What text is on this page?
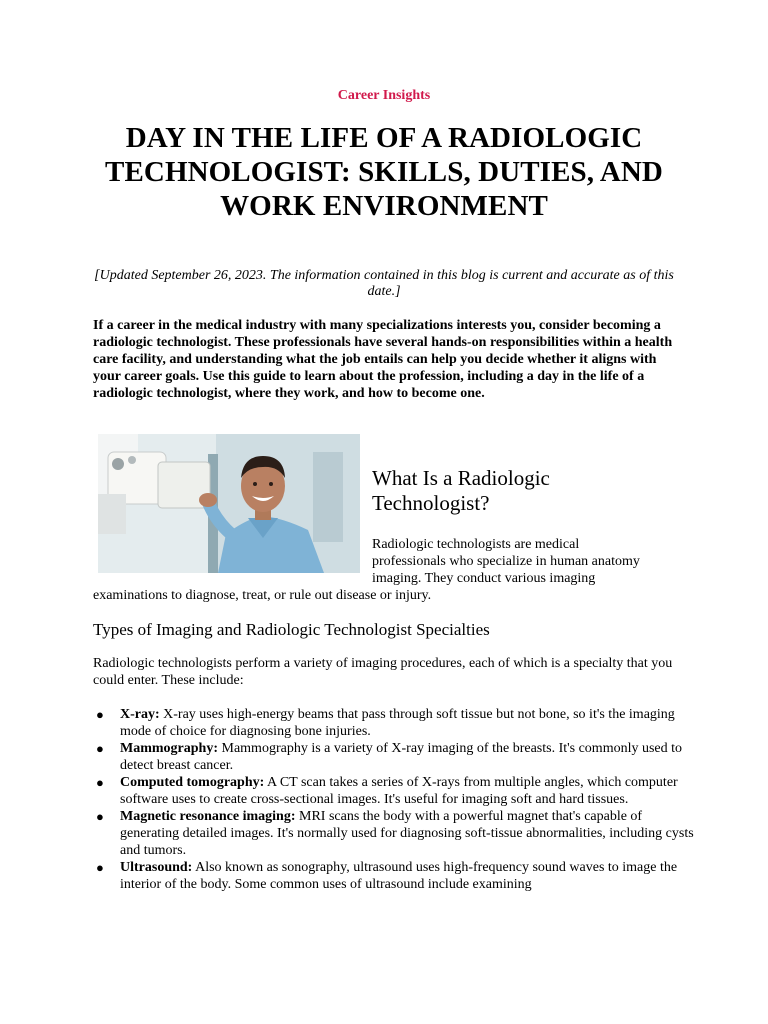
Career Insights
DAY IN THE LIFE OF A RADIOLOGIC TECHNOLOGIST: SKILLS, DUTIES, AND WORK ENVIRONMENT
[Updated September 26, 2023. The information contained in this blog is current and accurate as of this date.]

If a career in the medical industry with many specializations interests you, consider becoming a radiologic technologist. These professionals have several hands-on responsibilities within a health care facility, and understanding what the job entails can help you decide whether it aligns with your career goals. Use this guide to learn about the profession, including a day in the life of a radiologic technologist, where they work, and how to become one.

What Is a Radiologic Technologist?
Radiologic technologists are medical
professionals who specialize in human anatomy
imaging. They conduct various imaging
examinations to diagnose, treat, or rule out disease or injury.
Types of Imaging and Radiologic Technologist Specialties

Radiologic technologists perform a variety of imaging procedures, each of which is a specialty that you could enter. These include:

● X-ray: X-ray uses high-energy beams that pass through soft tissue but not bone, so it's the imaging mode of choice for diagnosing bone injuries.
● Mammography: Mammography is a variety of X-ray imaging of the breasts. It's commonly used to detect breast cancer.
● Computed tomography: A CT scan takes a series of X-rays from multiple angles, which computer software uses to create cross-sectional images. It's useful for imaging soft and hard tissues.
● Magnetic resonance imaging: MRI scans the body with a powerful magnet that's capable of generating detailed images. It's normally used for diagnosing soft-tissue abnormalities, including cysts and tumors.
● Ultrasound: Also known as sonography, ultrasound uses high-frequency sound waves to image the interior of the body. Some common uses of ultrasound include examining
